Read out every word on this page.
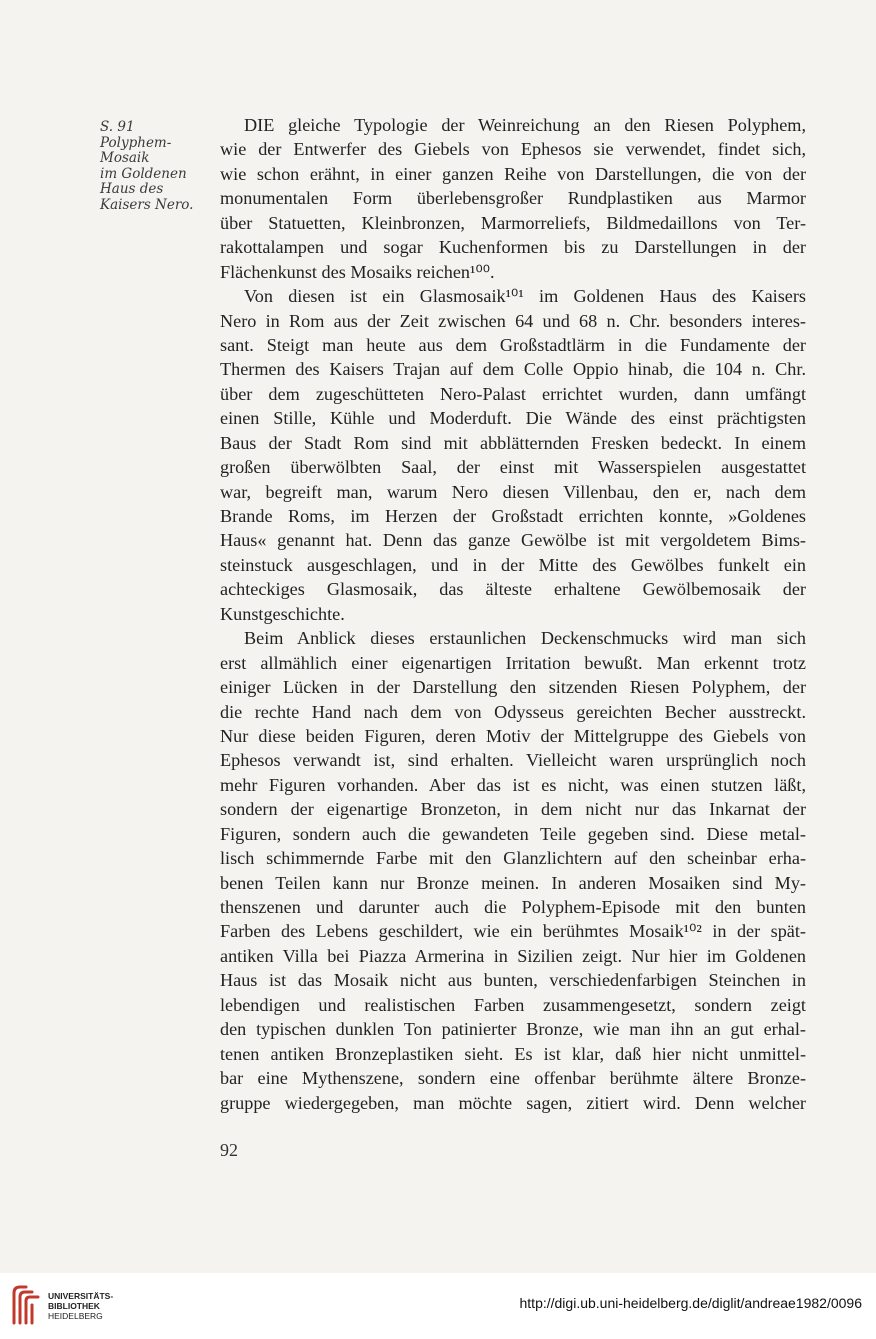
S. 91
Polyphem-
Mosaik
im Goldenen
Haus des
Kaisers Nero.
DIE gleiche Typologie der Weinreichung an den Riesen Polyphem,
wie der Entwerfer des Giebels von Ephesos sie verwendet, findet sich,
wie schon erähnt, in einer ganzen Reihe von Darstellungen, die von der
monumentalen Form überlebensgroßer Rundplastiken aus Marmor
über Statuetten, Kleinbronzen, Marmorreliefs, Bildmedaillons von Ter-
rakottalampen und sogar Kuchenformen bis zu Darstellungen in der
Flächenkunst des Mosaiks reichen¹⁰⁰.
Von diesen ist ein Glasmosaik¹⁰¹ im Goldenen Haus des Kaisers
Nero in Rom aus der Zeit zwischen 64 und 68 n. Chr. besonders interes-
sant. Steigt man heute aus dem Großstadtlärm in die Fundamente der
Thermen des Kaisers Trajan auf dem Colle Oppio hinab, die 104 n. Chr.
über dem zugeschütteten Nero-Palast errichtet wurden, dann umfängt
einen Stille, Kühle und Moderduft. Die Wände des einst prächtigsten
Baus der Stadt Rom sind mit abblätternden Fresken bedeckt. In einem
großen überwölbten Saal, der einst mit Wasserspielen ausgestattet
war, begreift man, warum Nero diesen Villenbau, den er, nach dem
Brande Roms, im Herzen der Großstadt errichten konnte, »Goldenes
Haus« genannt hat. Denn das ganze Gewölbe ist mit vergoldetem Bims-
steinstuck ausgeschlagen, und in der Mitte des Gewölbes funkelt ein
achteckiges Glasmosaik, das älteste erhaltene Gewölbemosaik der
Kunstgeschichte.
Beim Anblick dieses erstaunlichen Deckenschmucks wird man sich
erst allmählich einer eigenartigen Irritation bewußt. Man erkennt trotz
einiger Lücken in der Darstellung den sitzenden Riesen Polyphem, der
die rechte Hand nach dem von Odysseus gereichten Becher ausstreckt.
Nur diese beiden Figuren, deren Motiv der Mittelgruppe des Giebels von
Ephesos verwandt ist, sind erhalten. Vielleicht waren ursprünglich noch
mehr Figuren vorhanden. Aber das ist es nicht, was einen stutzen läßt,
sondern der eigenartige Bronzeton, in dem nicht nur das Inkarnat der
Figuren, sondern auch die gewandeten Teile gegeben sind. Diese metal-
lisch schimmernde Farbe mit den Glanzlichtern auf den scheinbar erha-
benen Teilen kann nur Bronze meinen. In anderen Mosaiken sind My-
thenszenen und darunter auch die Polyphem-Episode mit den bunten
Farben des Lebens geschildert, wie ein berühmtes Mosaik¹⁰² in der spät-
antiken Villa bei Piazza Armerina in Sizilien zeigt. Nur hier im Goldenen
Haus ist das Mosaik nicht aus bunten, verschiedenfarbigen Steinchen in
lebendigen und realistischen Farben zusammengesetzt, sondern zeigt
den typischen dunklen Ton patinierter Bronze, wie man ihn an gut erhal-
tenen antiken Bronzeplastiken sieht. Es ist klar, daß hier nicht unmittel-
bar eine Mythenszene, sondern eine offenbar berühmte ältere Bronze-
gruppe wiedergegeben, man möchte sagen, zitiert wird. Denn welcher
92
UNIVERSITÄTS-
BIBLIOTHEK
HEIDELBERG
http://digi.ub.uni-heidelberg.de/diglit/andreae1982/0096
